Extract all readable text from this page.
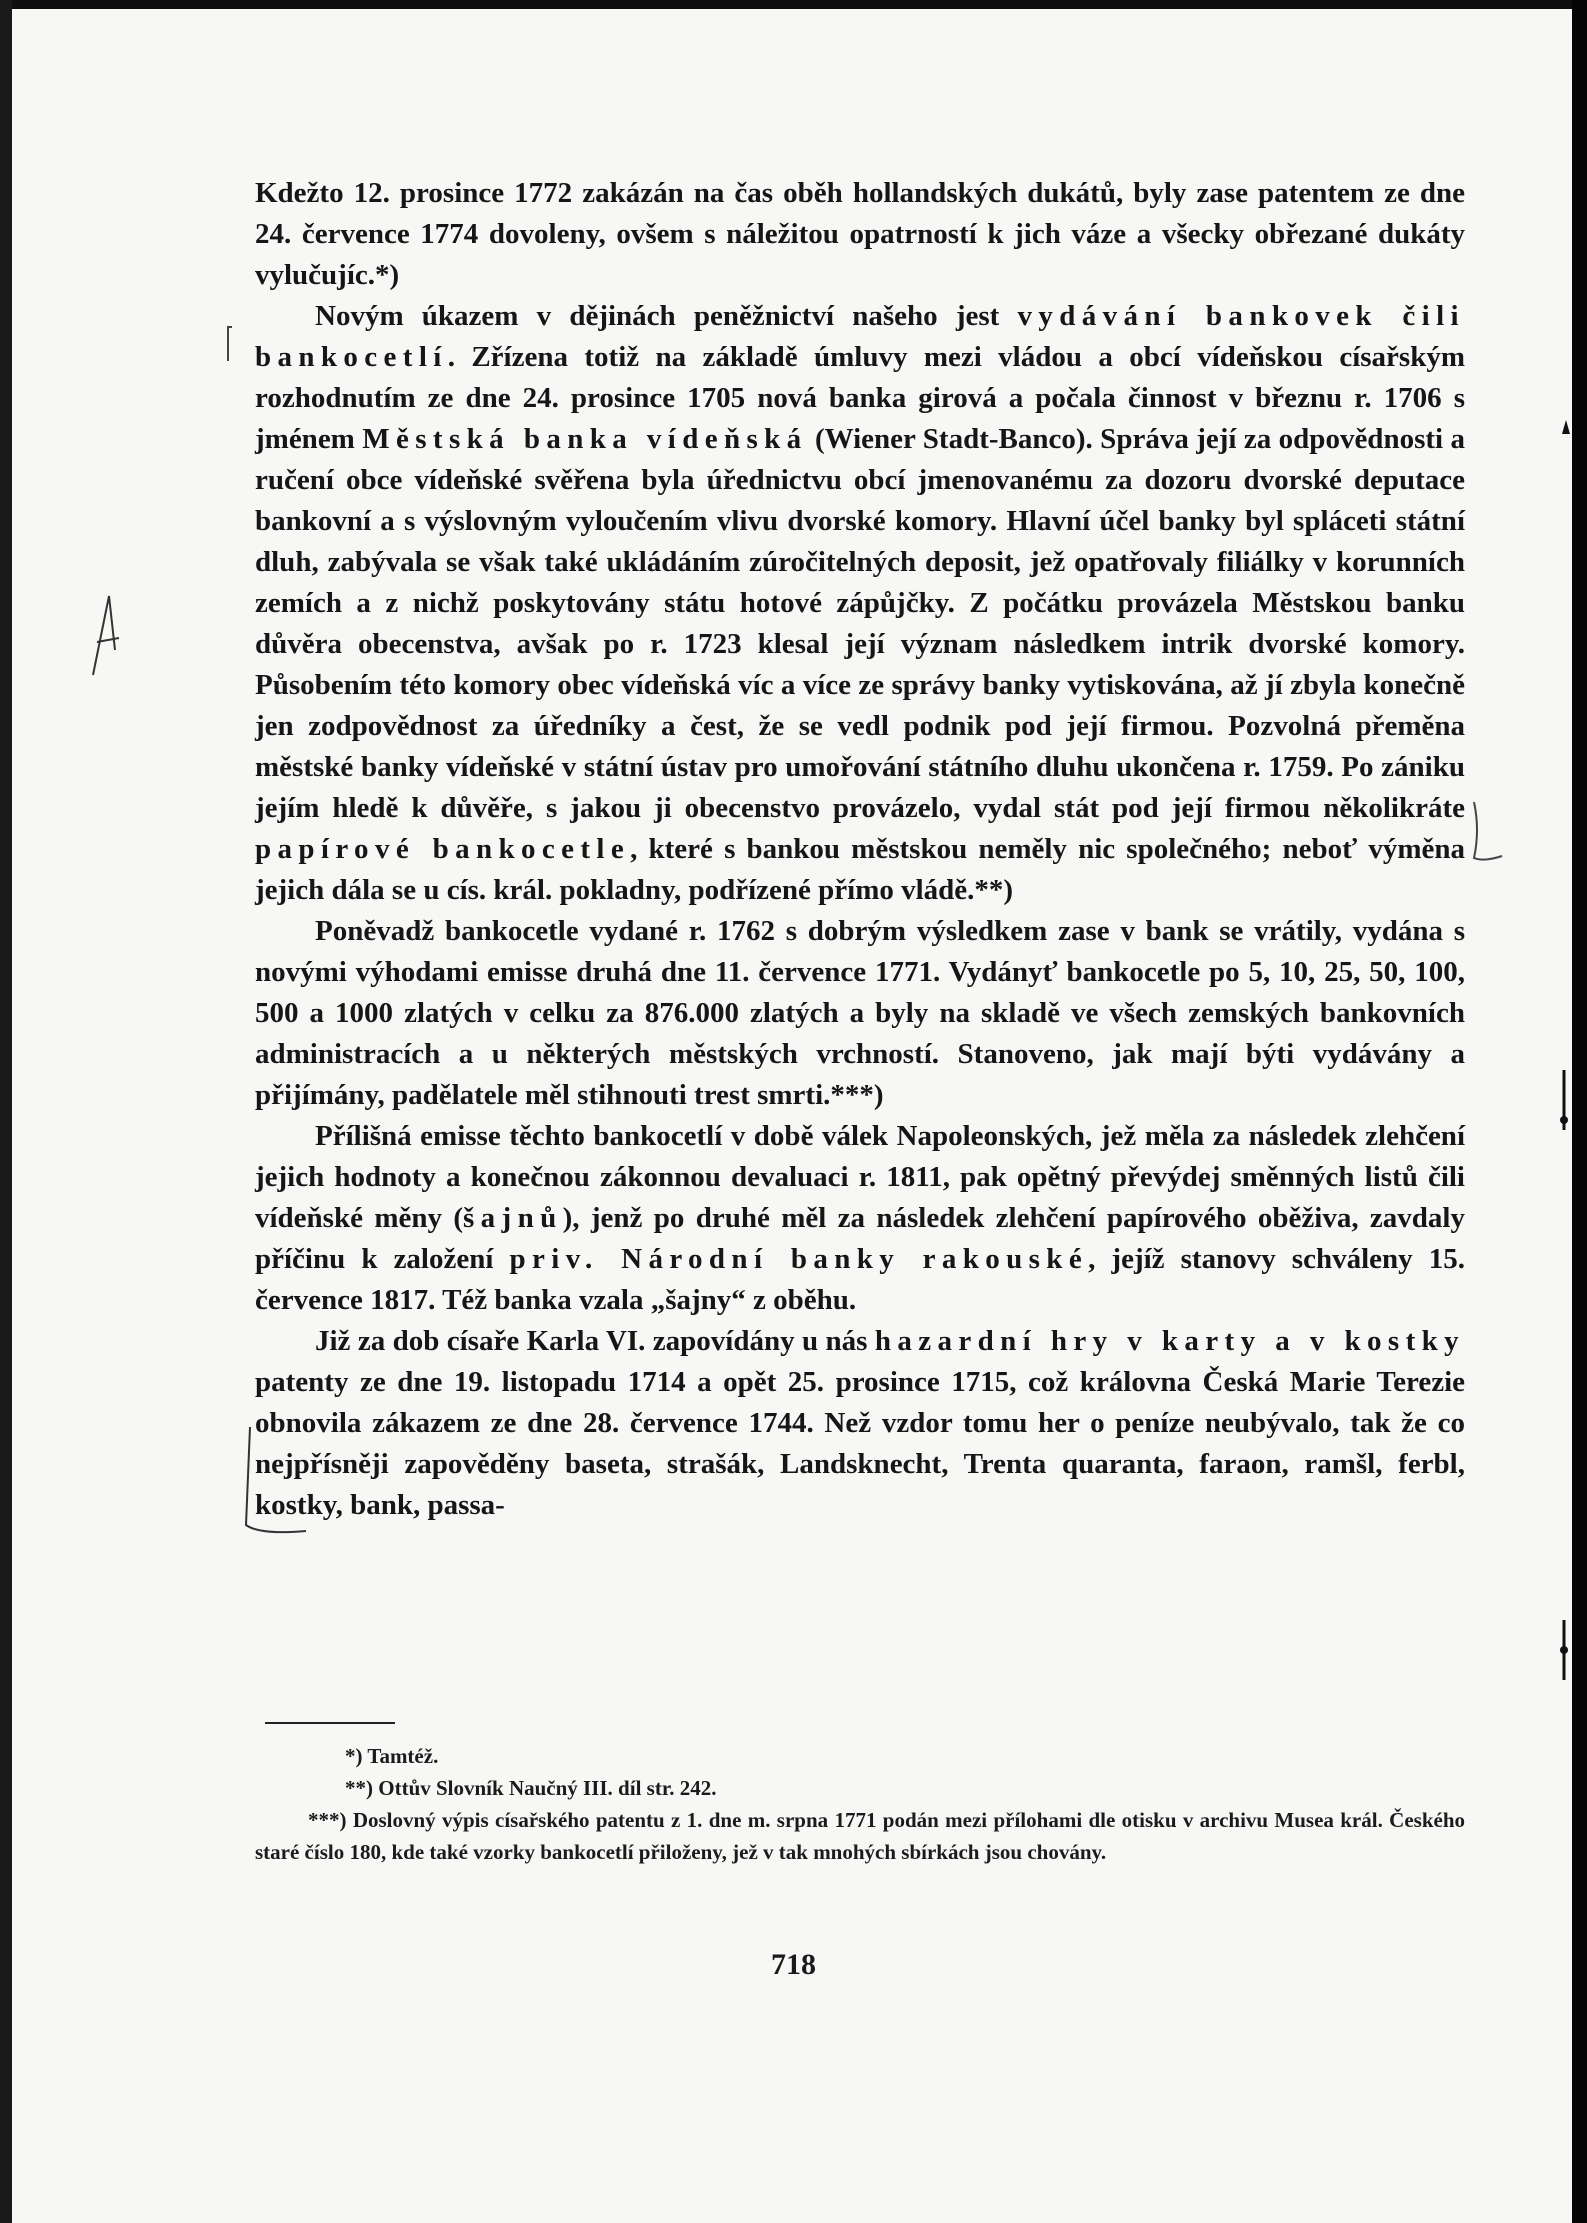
Kdežto 12. prosince 1772 zakázán na čas oběh hollandských dukátů, byly zase patentem ze dne 24. července 1774 dovoleny, ovšem s náležitou opatrností k jich váze a všecky obřezané dukáty vylučujíc.*)

Novým úkazem v dějinách peněžnictví našeho jest vydávání bankovek čili bankocetlí. Zřízena totiž na základě úmluvy mezi vládou a obcí vídeňskou císařským rozhodnutím ze dne 24. prosince 1705 nová banka girová a počala činnost v březnu r. 1706 s jménem Městská banka vídeňská (Wiener Stadt-Banco). Správa její za odpovědnosti a ručení obce vídeňské svěřena byla úřednictvu obcí jmenovanému za dozoru dvorské deputace bankovní a s výslovným vyloučením vlivu dvorské komory. Hlavní účel banky byl spláceti státní dluh, zabývala se však také ukládáním zúročitelných deposit, jež opatřovaly filiálky v korunních zemích a z nichž poskytovány státu hotové zápůjčky. Z počátku provázela Městskou banku důvěra obecenstva, avšak po r. 1723 klesal její význam následkem intrik dvorské komory. Působením této komory obec vídeňská víc a více ze správy banky vytiskována, až jí zbyla konečně jen zodpovědnost za úředníky a čest, že se vedl podnik pod její firmou. Pozvolná přeměna městské banky vídeňské v státní ústav pro umořování státního dluhu ukončena r. 1759. Po zániku jejím hledě k důvěře, s jakou ji obecenstvo provázelo, vydal stát pod její firmou několikráte papírové bankocetle, které s bankou městskou neměly nic společného; neboť výměna jejich dála se u cís. král. pokladny, podřízené přímo vládě.**)

Poněvadž bankocetle vydané r. 1762 s dobrým výsledkem zase v bank se vrátily, vydána s novými výhodami emisse druhá dne 11. července 1771. Vydányť bankocetle po 5, 10, 25, 50, 100, 500 a 1000 zlatých v celku za 876.000 zlatých a byly na skladě ve všech zemských bankovních administracích a u některých městských vrchností. Stanoveno, jak mají býti vydávány a přijímány, padělatele měl stihnouti trest smrti.***)

Přílišná emisse těchto bankocetlí v době válek Napoleonských, jež měla za následek zlehčení jejich hodnoty a konečnou zákonnou devaluaci r. 1811, pak opětný převýdej směnných listů čili vídeňské měny (šajnů), jenž po druhé měl za následek zlehčení papírového oběživa, zavdaly příčinu k založení priv. Národní banky rakouské, jejíž stanovy schváleny 15. července 1817. Též banka vzala „šajny“ z oběhu.

Již za dob císaře Karla VI. zapovídány u nás hazardní hry v karty a v kostky patenty ze dne 19. listopadu 1714 a opět 25. prosince 1715, což královna Česká Marie Terezie obnovila zákazem ze dne 28. července 1744. Než vzdor tomu her o peníze neubývalo, tak že co nejpřísněji zapověděny baseta, strašák, Landsknecht, Trenta quaranta, faraon, ramšl, ferbl, kostky, bank, passa-

*) Tamtéž.

**) Ottův Slovník Naučný III. díl str. 242.

***) Doslovný výpis císařského patentu z 1. dne m. srpna 1771 podán mezi přílohami dle otisku v archivu Musea král. Českého staré číslo 180, kde také vzorky bankocetlí přiloženy, jež v tak mnohých sbírkách jsou chovány.

718
